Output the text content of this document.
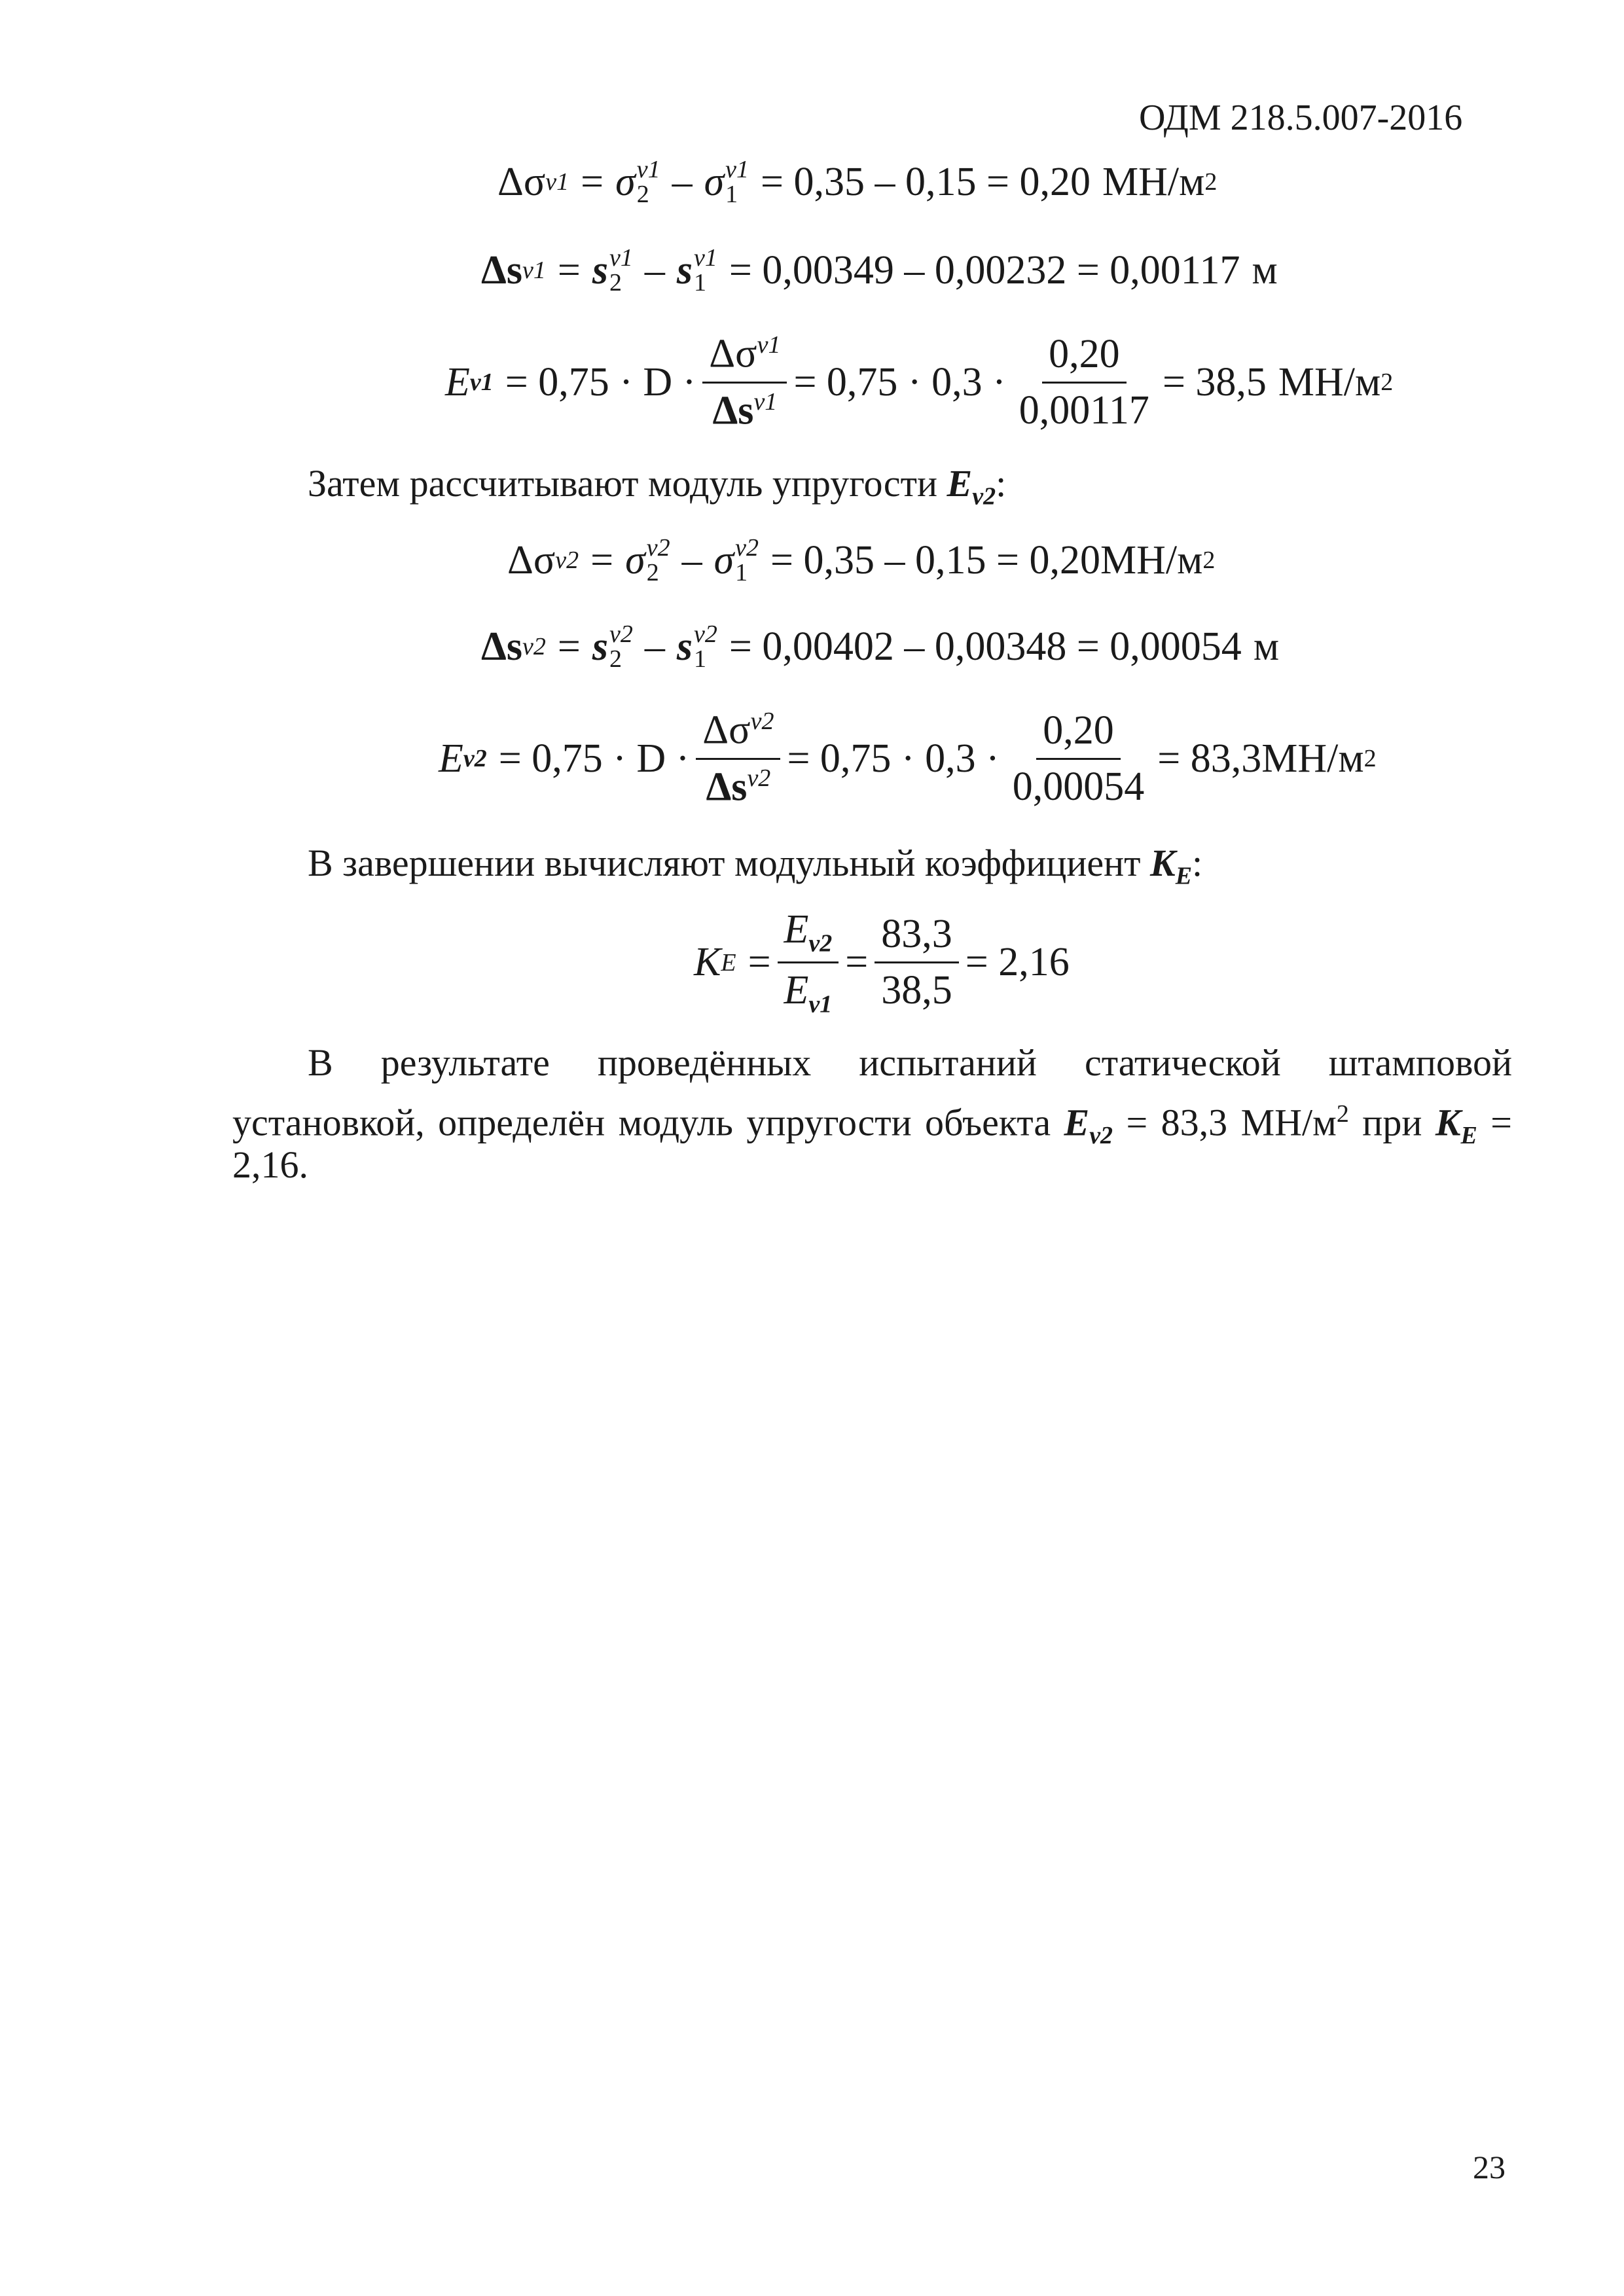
ОДМ 218.5.007-2016
Δσ v1 = σ v1
2 – σ v1
1 = 0,35 – 0,15 = 0,20 МН/м 2
Δs v1 = s v1
2 – s v1
1 = 0,00349 – 0,00232 = 0,00117 м
E $v1 = 0,75 \cdot D \cdot \frac{\Delta\sigma^{v1}}{\Delta s^{v1}} = 0,75 \cdot 0,3 \cdot \frac{0,20}{0,00117} = 38,5$ МН/м 2
Затем рассчитывают модуль упругости $E_{v2}$:
Δσ v2 = σ v2
2 – σ v2
1 = 0,35 – 0,15 = 0,20 МН/м 2
Δs v2 = s v2
2 – s v2
1 = 0,00402 – 0,00348 = 0,00054 м
E $v2 = 0,75 \cdot D \cdot \frac{\Delta\sigma^{v2}}{\Delta s^{v2}} = 0,75 \cdot 0,3 \cdot \frac{0,20}{0,00054} = 83,3$ МН/м 2
В завершении вычисляют модульный коэффициент $K_E$:
K $E = \frac{E_{v2}}{E_{v1}} = \frac{83,3}{38,5} = 2,16$
В результате проведённых испытаний статической штамповой
установкой, определён модуль упругости объекта $E_{v2} = 83,3$ $МН/м^2$ при $K_E$ =
2,16.
23
